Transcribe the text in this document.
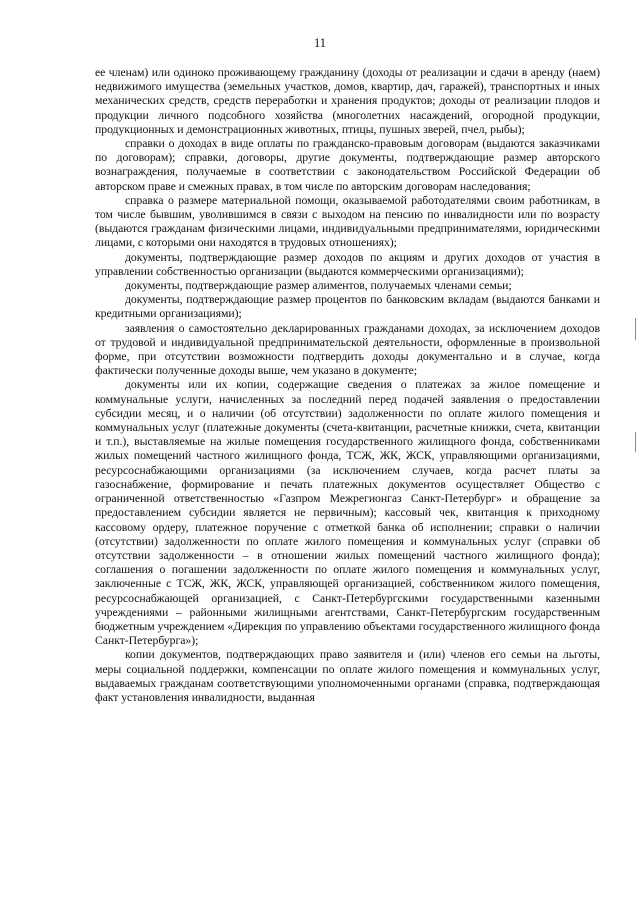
11

ее членам) или одиноко проживающему гражданину (доходы от реализации и сдачи в аренду (наем) недвижимого имущества (земельных участков, домов, квартир, дач, гаражей), транспортных и иных механических средств, средств переработки и хранения продуктов; доходы от реализации плодов и продукции личного подсобного хозяйства (многолетних насаждений, огородной продукции, продукционных и демонстрационных животных, птицы, пушных зверей, пчел, рыбы);

справки о доходах в виде оплаты по гражданско-правовым договорам (выдаются заказчиками по договорам); справки, договоры, другие документы, подтверждающие размер авторского вознаграждения, получаемые в соответствии с законодательством Российской Федерации об авторском праве и смежных правах, в том числе по авторским договорам наследования;

справка о размере материальной помощи, оказываемой работодателями своим работникам, в том числе бывшим, уволившимся в связи с выходом на пенсию по инвалидности или по возрасту (выдаются гражданам физическими лицами, индивидуальными предпринимателями, юридическими лицами, с которыми они находятся в трудовых отношениях);

документы, подтверждающие размер доходов по акциям и других доходов от участия в управлении собственностью организации (выдаются коммерческими организациями);

документы, подтверждающие размер алиментов, получаемых членами семьи;

документы, подтверждающие размер процентов по банковским вкладам (выдаются банками и кредитными организациями);

заявления о самостоятельно декларированных гражданами доходах, за исключением доходов от трудовой и индивидуальной предпринимательской деятельности, оформленные в произвольной форме, при отсутствии возможности подтвердить доходы документально и в случае, когда фактически полученные доходы выше, чем указано в документе;

документы или их копии, содержащие сведения о платежах за жилое помещение и коммунальные услуги, начисленных за последний перед подачей заявления о предоставлении субсидии месяц, и о наличии (об отсутствии) задолженности по оплате жилого помещения и коммунальных услуг (платежные документы (счета-квитанции, расчетные книжки, счета, квитанции и т.п.), выставляемые на жилые помещения государственного жилищного фонда, собственниками жилых помещений частного жилищного фонда, ТСЖ, ЖК, ЖСК, управляющими организациями, ресурсоснабжающими организациями (за исключением случаев, когда расчет платы за газоснабжение, формирование и печать платежных документов осуществляет Общество с ограниченной ответственностью «Газпром Межрегионгаз Санкт-Петербург» и обращение за предоставлением субсидии является не первичным); кассовый чек, квитанция к приходному кассовому ордеру, платежное поручение с отметкой банка об исполнении; справки о наличии (отсутствии) задолженности по оплате жилого помещения и коммунальных услуг (справки об отсутствии задолженности – в отношении жилых помещений частного жилищного фонда); соглашения о погашении задолженности по оплате жилого помещения и коммунальных услуг, заключенные с ТСЖ, ЖК, ЖСК, управляющей организацией, собственником жилого помещения, ресурсоснабжающей организацией, с Санкт-Петербургскими государственными казенными учреждениями – районными жилищными агентствами, Санкт-Петербургским государственным бюджетным учреждением «Дирекция по управлению объектами государственного жилищного фонда Санкт-Петербурга»);

копии документов, подтверждающих право заявителя и (или) членов его семьи на льготы, меры социальной поддержки, компенсации по оплате жилого помещения и коммунальных услуг, выдаваемых гражданам соответствующими уполномоченными органами (справка, подтверждающая факт установления инвалидности, выданная
